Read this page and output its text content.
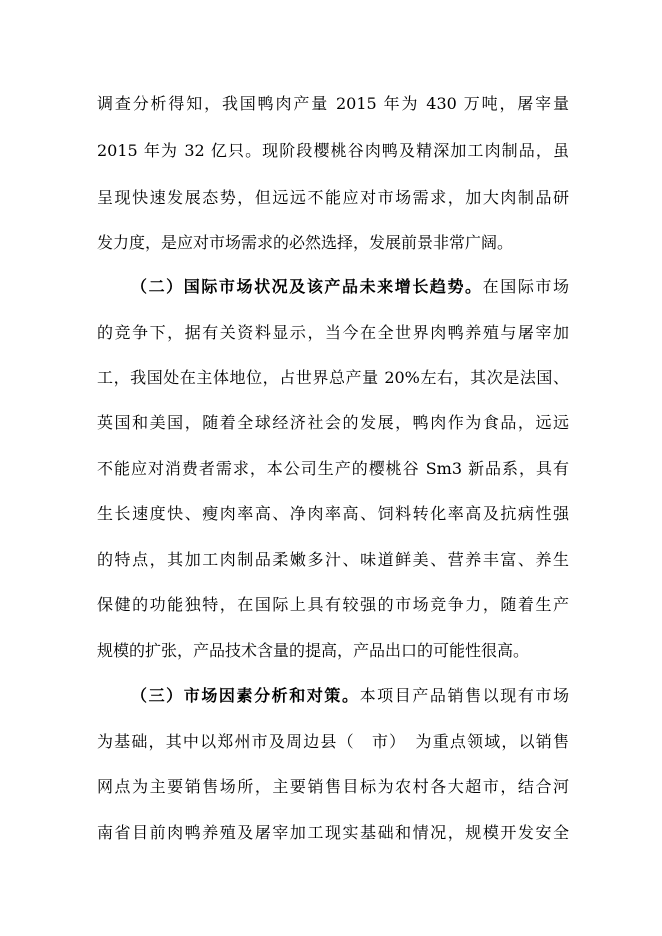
调查分析得知，我国鸭肉产量 2015 年为 430 万吨，屠宰量
2015 年为 32 亿只。现阶段樱桃谷肉鸭及精深加工肉制品，虽
呈现快速发展态势，但远远不能应对市场需求，加大肉制品研
发力度，是应对市场需求的必然选择，发展前景非常广阔。
（二）国际市场状况及该产品未来增长趋势。在国际市场
的竞争下，据有关资料显示，当今在全世界肉鸭养殖与屠宰加
工，我国处在主体地位，占世界总产量 20%左右，其次是法国、
英国和美国，随着全球经济社会的发展，鸭肉作为食品，远远
不能应对消费者需求，本公司生产的樱桃谷 Sm3 新品系，具有
生长速度快、瘦肉率高、净肉率高、饲料转化率高及抗病性强
的特点，其加工肉制品柔嫩多汁、味道鲜美、营养丰富、养生
保健的功能独特，在国际上具有较强的市场竞争力，随着生产
规模的扩张，产品技术含量的提高，产品出口的可能性很高。
（三）市场因素分析和对策。本项目产品销售以现有市场
为基础，其中以郑州市及周边县（　市）　为重点领域，以销售
网点为主要销售场所，主要销售目标为农村各大超市，结合河
南省目前肉鸭养殖及屠宰加工现实基础和情况，规模开发安全
